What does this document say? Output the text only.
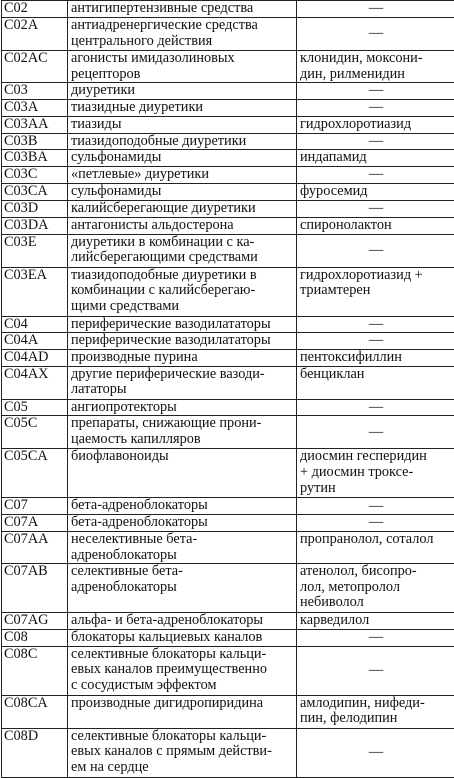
C02	антигипертензивные средства	—

C02A	антиадренергические средства
центрального действия	—

C02AC	агонисты имидазолиновых
рецепторов	клонидин, моксони-
дин, рилменидин

C03	диуретики	—

C03A	тиазидные диуретики	—

C03AA	тиазиды	гидрохлоротиазид

C03B	тиазидоподобные диуретики	—

C03BA	сульфонамиды	индапамид

C03C	«петлевые» диуретики	—

C03CA	сульфонамиды	фуросемид

C03D	калийсберегающие диуретики	—

C03DA	антагонисты альдостерона	спиронолактон

C03E	диуретики в комбинации с ка-
лийсберегающими средствами	—

C03EA	тиазидоподобные диуретики в
комбинации с калийсберегаю-
щими средствами	гидрохлоротиазид +
триамтерен

C04	периферические вазодилататоры	—

C04A	периферические вазодилататоры	—

C04AD	производные пурина	пентоксифиллин

C04AX	другие периферические вазоди-
лататоры	бенциклан

C05	ангиопротекторы	—

C05C	препараты, снижающие прони-
цаемость капилляров	—

C05CA	биофлавоноиды	диосмин гесперидин
+ диосмин троксе-
рутин

C07	бета-адреноблокаторы	—

C07A	бета-адреноблокаторы	—

C07AA	неселективные бета-
адреноблокаторы	пропранолол, соталол

C07AB	селективные бета-
адреноблокаторы	атенолол, бисопро-
лол, метопролол
небиволол

C07AG	альфа- и бета-адреноблокаторы	карведилол

C08	блокаторы кальциевых каналов	—

C08C	селективные блокаторы кальци-
евых каналов преимущественно
с сосудистым эффектом	—

C08CA	производные дигидропиридина	амлодипин, нифеди-
пин, фелодипин

C08D	селективные блокаторы кальци-
евых каналов с прямым действи-
ем на сердце	—
